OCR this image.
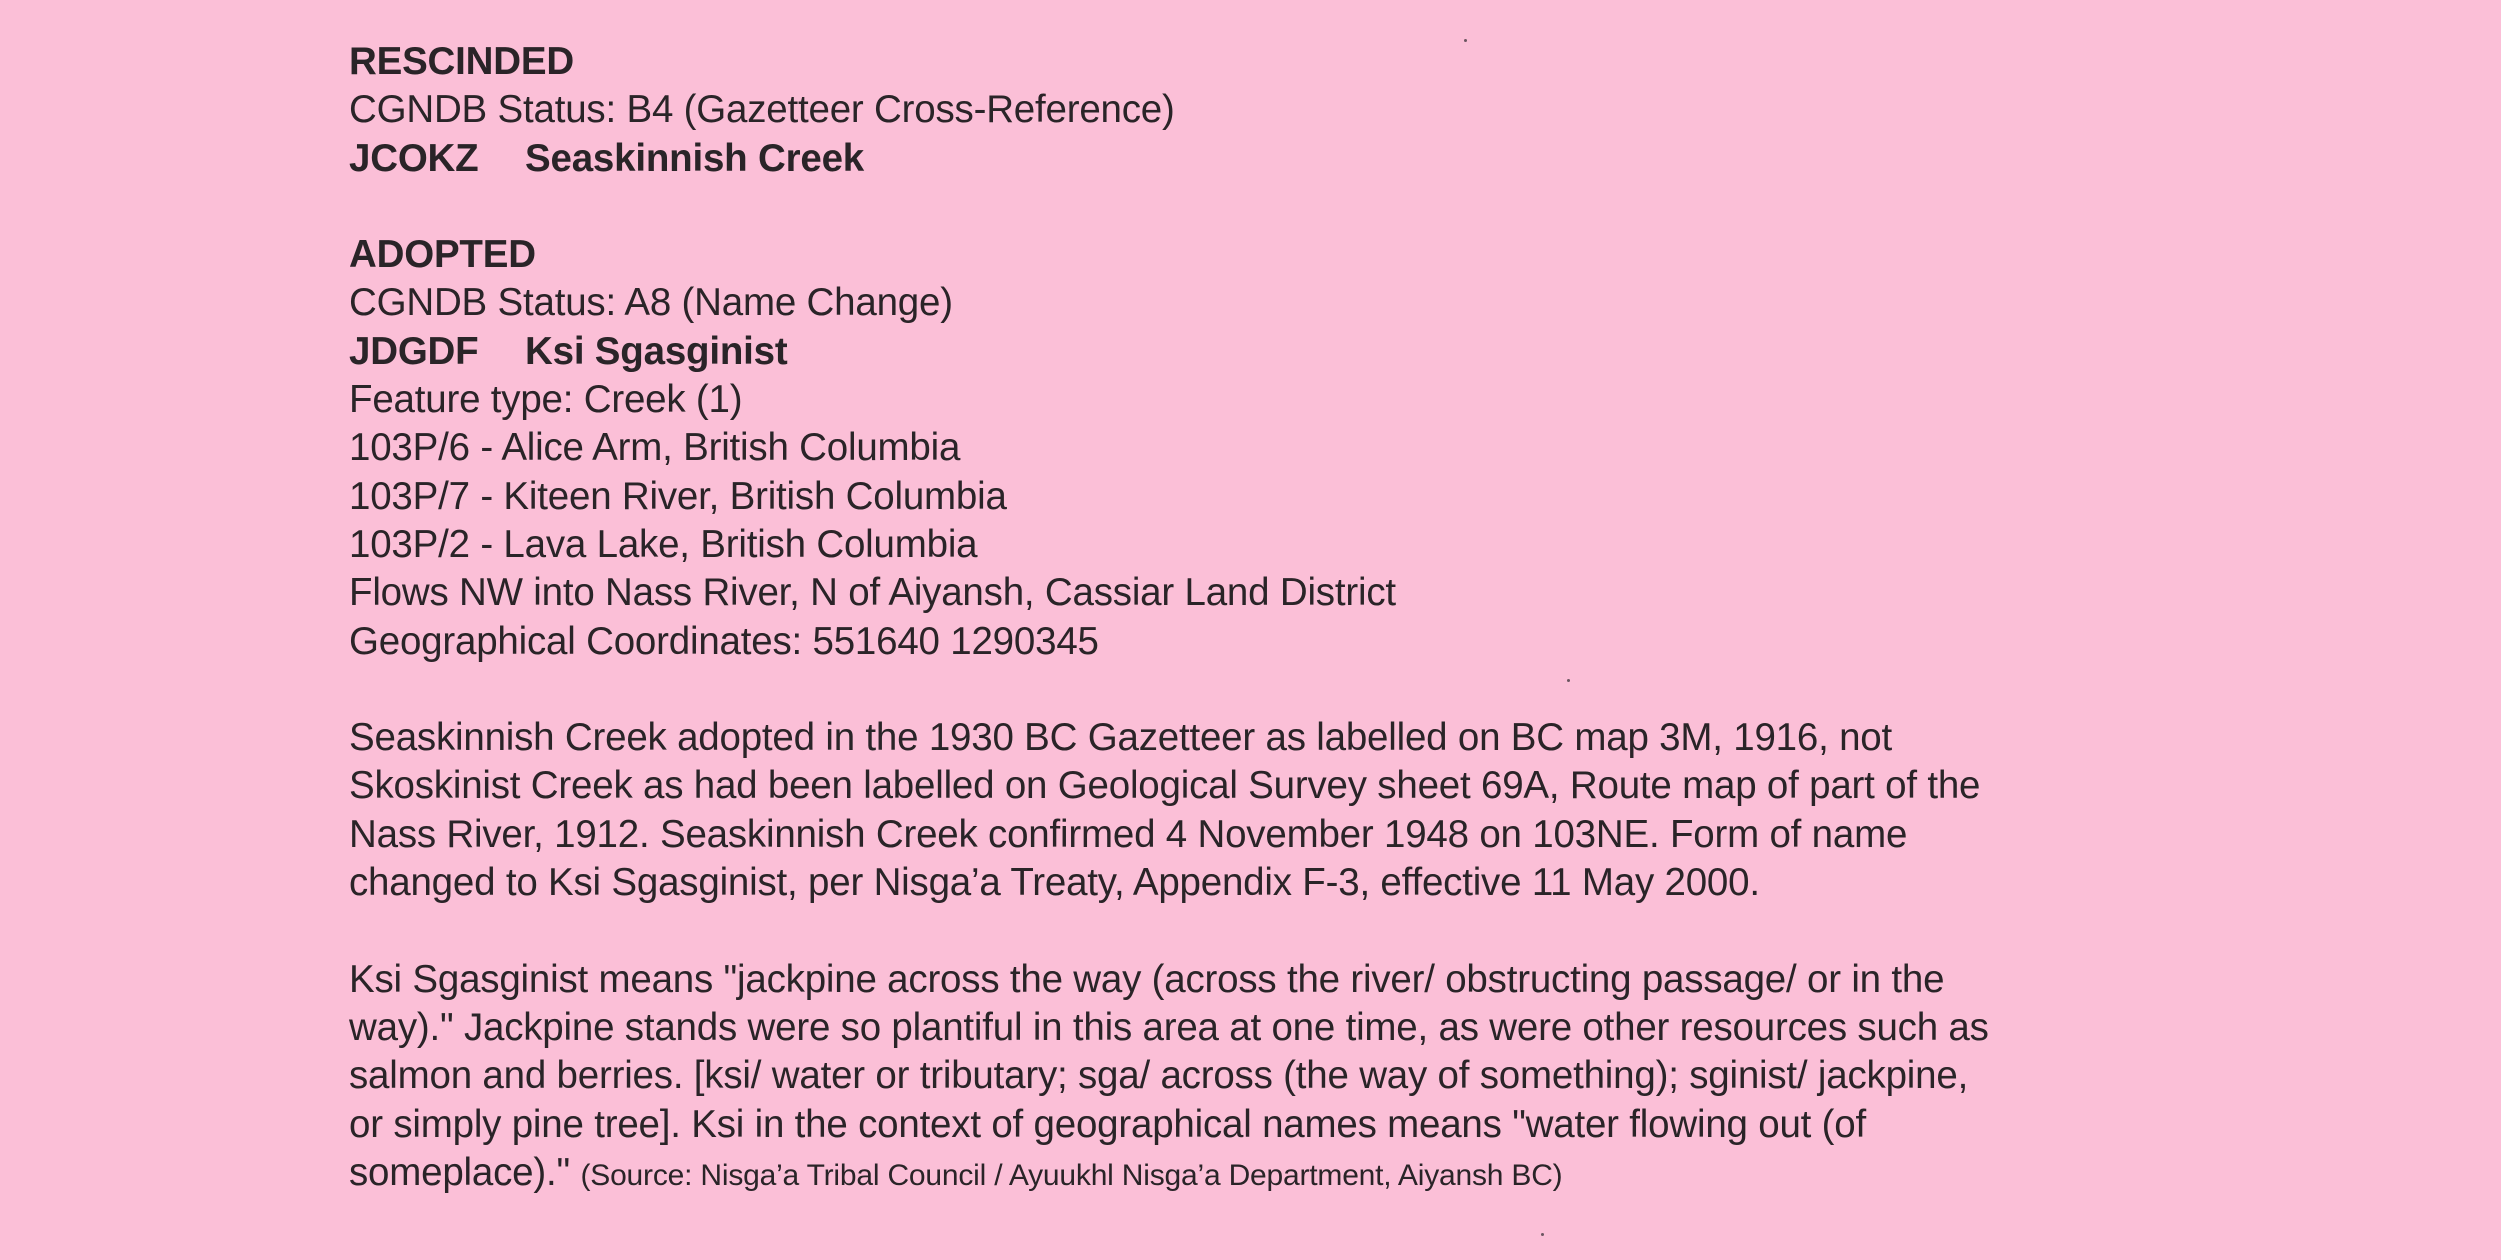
RESCINDED
CGNDB Status: B4 (Gazetteer Cross-Reference)
JCOKZ Seaskinnish Creek
ADOPTED
CGNDB Status: A8 (Name Change)
JDGDF Ksi Sgasginist
Feature type: Creek (1)
103P/6 - Alice Arm, British Columbia
103P/7 - Kiteen River, British Columbia
103P/2 - Lava Lake, British Columbia
Flows NW into Nass River, N of Aiyansh, Cassiar Land District
Geographical Coordinates: 551640 1290345
Seaskinnish Creek adopted in the 1930 BC Gazetteer as labelled on BC map 3M, 1916, not
Skoskinist Creek as had been labelled on Geological Survey sheet 69A, Route map of part of the
Nass River, 1912. Seaskinnish Creek confirmed 4 November 1948 on 103NE. Form of name
changed to Ksi Sgasginist, per Nisga’a Treaty, Appendix F-3, effective 11 May 2000.
Ksi Sgasginist means "jackpine across the way (across the river/ obstructing passage/ or in the
way)." Jackpine stands were so plantiful in this area at one time, as were other resources such as
salmon and berries. [ksi/ water or tributary; sga/ across (the way of something); sginist/ jackpine,
or simply pine tree]. Ksi in the context of geographical names means "water flowing out (of
someplace)." (Source: Nisga’a Tribal Council / Ayuukhl Nisga’a Department, Aiyansh BC)
